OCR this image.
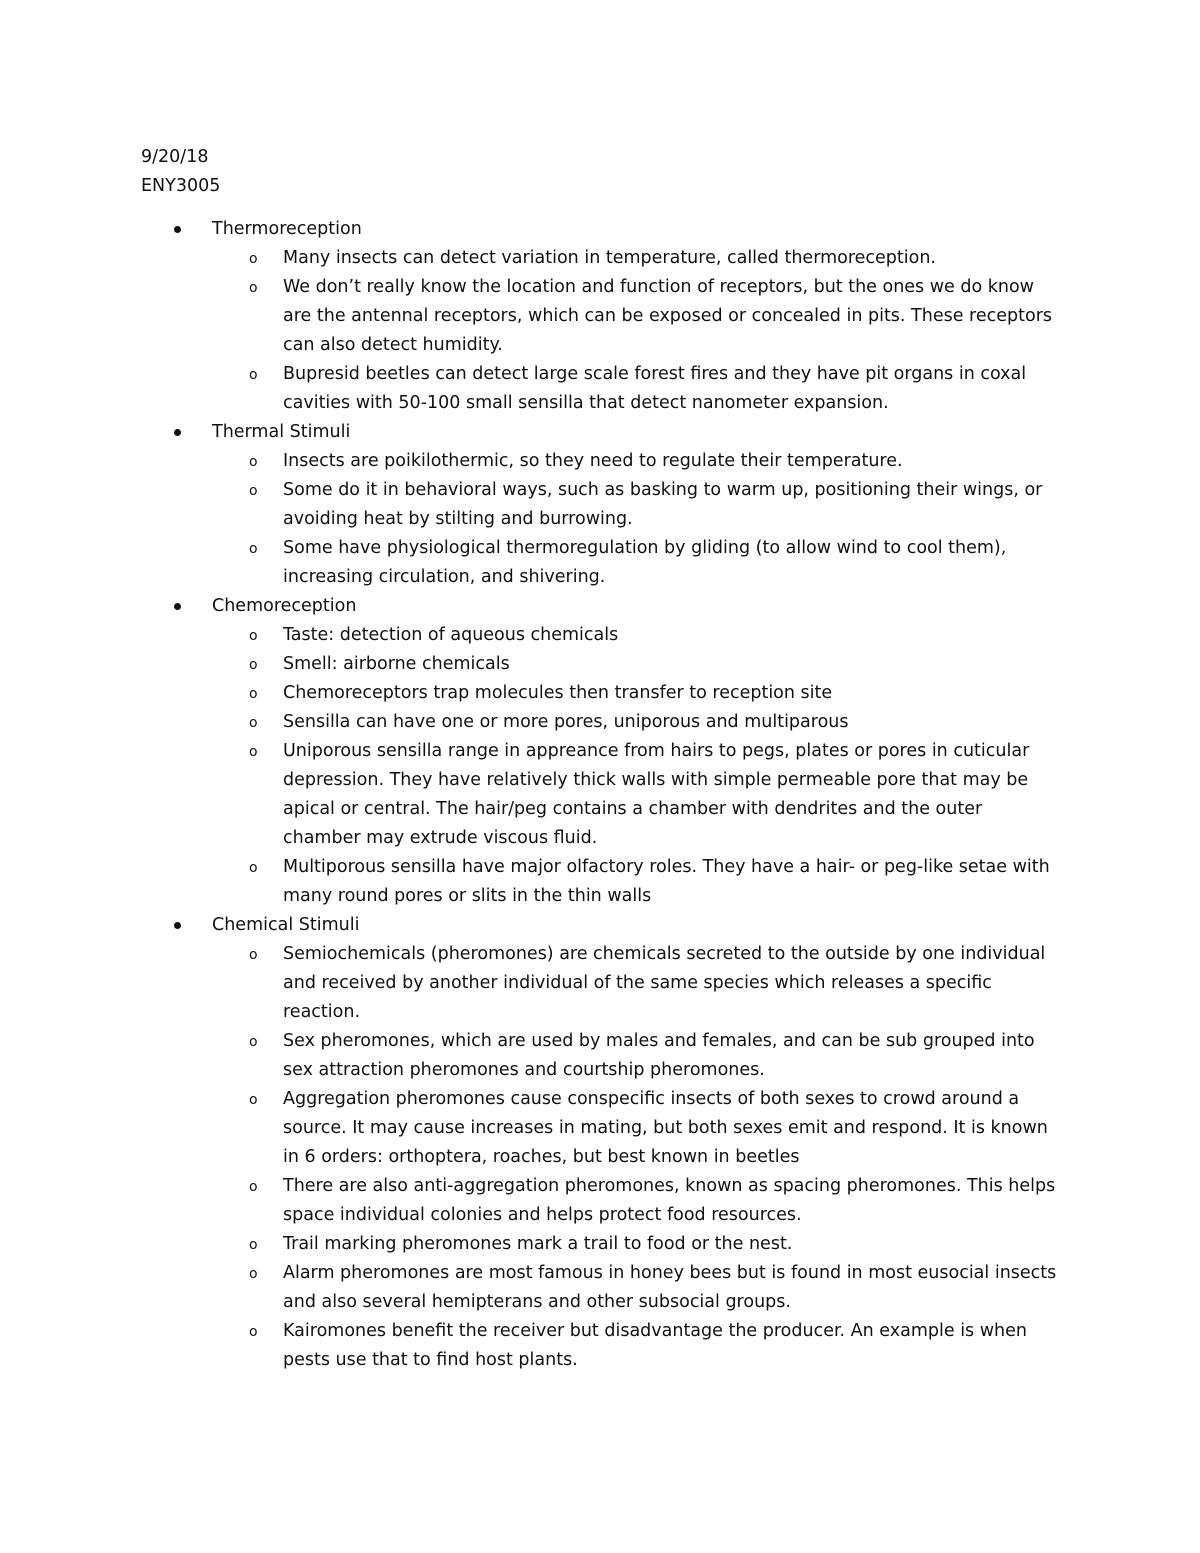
9/20/18
ENY3005
Thermoreception
o Many insects can detect variation in temperature, called thermoreception.
o We don’t really know the location and function of receptors, but the ones we do know are the antennal receptors, which can be exposed or concealed in pits. These receptors can also detect humidity.
o Bupresid beetles can detect large scale forest fires and they have pit organs in coxal cavities with 50-100 small sensilla that detect nanometer expansion.
Thermal Stimuli
o Insects are poikilothermic, so they need to regulate their temperature.
o Some do it in behavioral ways, such as basking to warm up, positioning their wings, or avoiding heat by stilting and burrowing.
o Some have physiological thermoregulation by gliding (to allow wind to cool them), increasing circulation, and shivering.
Chemoreception
o Taste: detection of aqueous chemicals
o Smell: airborne chemicals
o Chemoreceptors trap molecules then transfer to reception site
o Sensilla can have one or more pores, uniporous and multiparous
o Uniporous sensilla range in appreance from hairs to pegs, plates or pores in cuticular depression. They have relatively thick walls with simple permeable pore that may be apical or central. The hair/peg contains a chamber with dendrites and the outer chamber may extrude viscous fluid.
o Multiporous sensilla have major olfactory roles. They have a hair- or peg-like setae with many round pores or slits in the thin walls
Chemical Stimuli
o Semiochemicals (pheromones) are chemicals secreted to the outside by one individual and received by another individual of the same species which releases a specific reaction.
o Sex pheromones, which are used by males and females, and can be sub grouped into sex attraction pheromones and courtship pheromones.
o Aggregation pheromones cause conspecific insects of both sexes to crowd around a source. It may cause increases in mating, but both sexes emit and respond. It is known in 6 orders: orthoptera, roaches, but best known in beetles
o There are also anti-aggregation pheromones, known as spacing pheromones. This helps space individual colonies and helps protect food resources.
o Trail marking pheromones mark a trail to food or the nest.
o Alarm pheromones are most famous in honey bees but is found in most eusocial insects and also several hemipterans and other subsocial groups.
o Kairomones benefit the receiver but disadvantage the producer. An example is when pests use that to find host plants.
